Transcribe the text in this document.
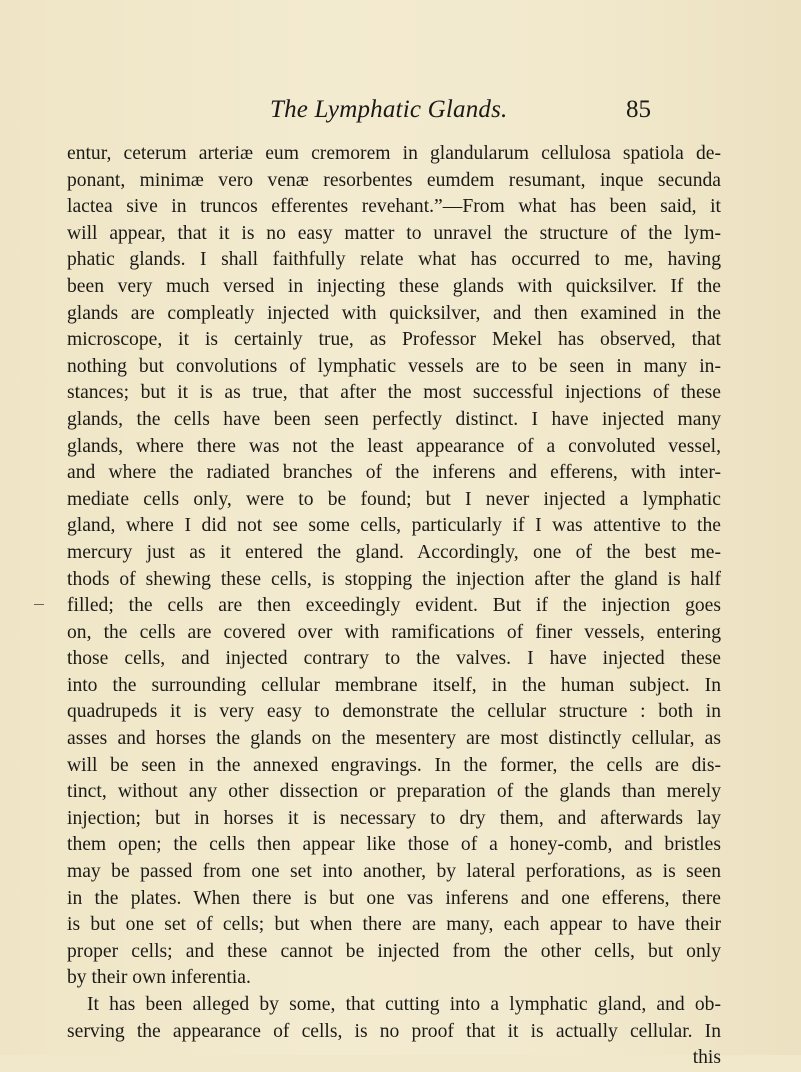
The Lymphatic Glands.	85
entur, ceterum arteriæ eum cremorem in glandularum cellulosa spatiola de-
ponant, minimæ vero venæ resorbentes eumdem resumant, inque secunda
lactea sive in truncos efferentes revehant.”—From what has been said, it
will appear, that it is no easy matter to unravel the structure of the lym-
phatic glands. I shall faithfully relate what has occurred to me, having
been very much versed in injecting these glands with quicksilver. If the
glands are compleatly injected with quicksilver, and then examined in the
microscope, it is certainly true, as Professor Mekel has observed, that
nothing but convolutions of lymphatic vessels are to be seen in many in-
stances; but it is as true, that after the most successful injections of these
glands, the cells have been seen perfectly distinct. I have injected many
glands, where there was not the least appearance of a convoluted vessel,
and where the radiated branches of the inferens and efferens, with inter-
mediate cells only, were to be found; but I never injected a lymphatic
gland, where I did not see some cells, particularly if I was attentive to the
mercury just as it entered the gland. Accordingly, one of the best me-
thods of shewing these cells, is stopping the injection after the gland is half
filled; the cells are then exceedingly evident. But if the injection goes
on, the cells are covered over with ramifications of finer vessels, entering
those cells, and injected contrary to the valves. I have injected these
into the surrounding cellular membrane itself, in the human subject. In
quadrupeds it is very easy to demonstrate the cellular structure : both in
asses and horses the glands on the mesentery are most distinctly cellular, as
will be seen in the annexed engravings. In the former, the cells are dis-
tinct, without any other dissection or preparation of the glands than merely
injection; but in horses it is necessary to dry them, and afterwards lay
them open; the cells then appear like those of a honey-comb, and bristles
may be passed from one set into another, by lateral perforations, as is seen
in the plates. When there is but one vas inferens and one efferens, there
is but one set of cells; but when there are many, each appear to have their
proper cells; and these cannot be injected from the other cells, but only
by their own inferentia.
It has been alleged by some, that cutting into a lymphatic gland, and ob-
serving the appearance of cells, is no proof that it is actually cellular. In
this
